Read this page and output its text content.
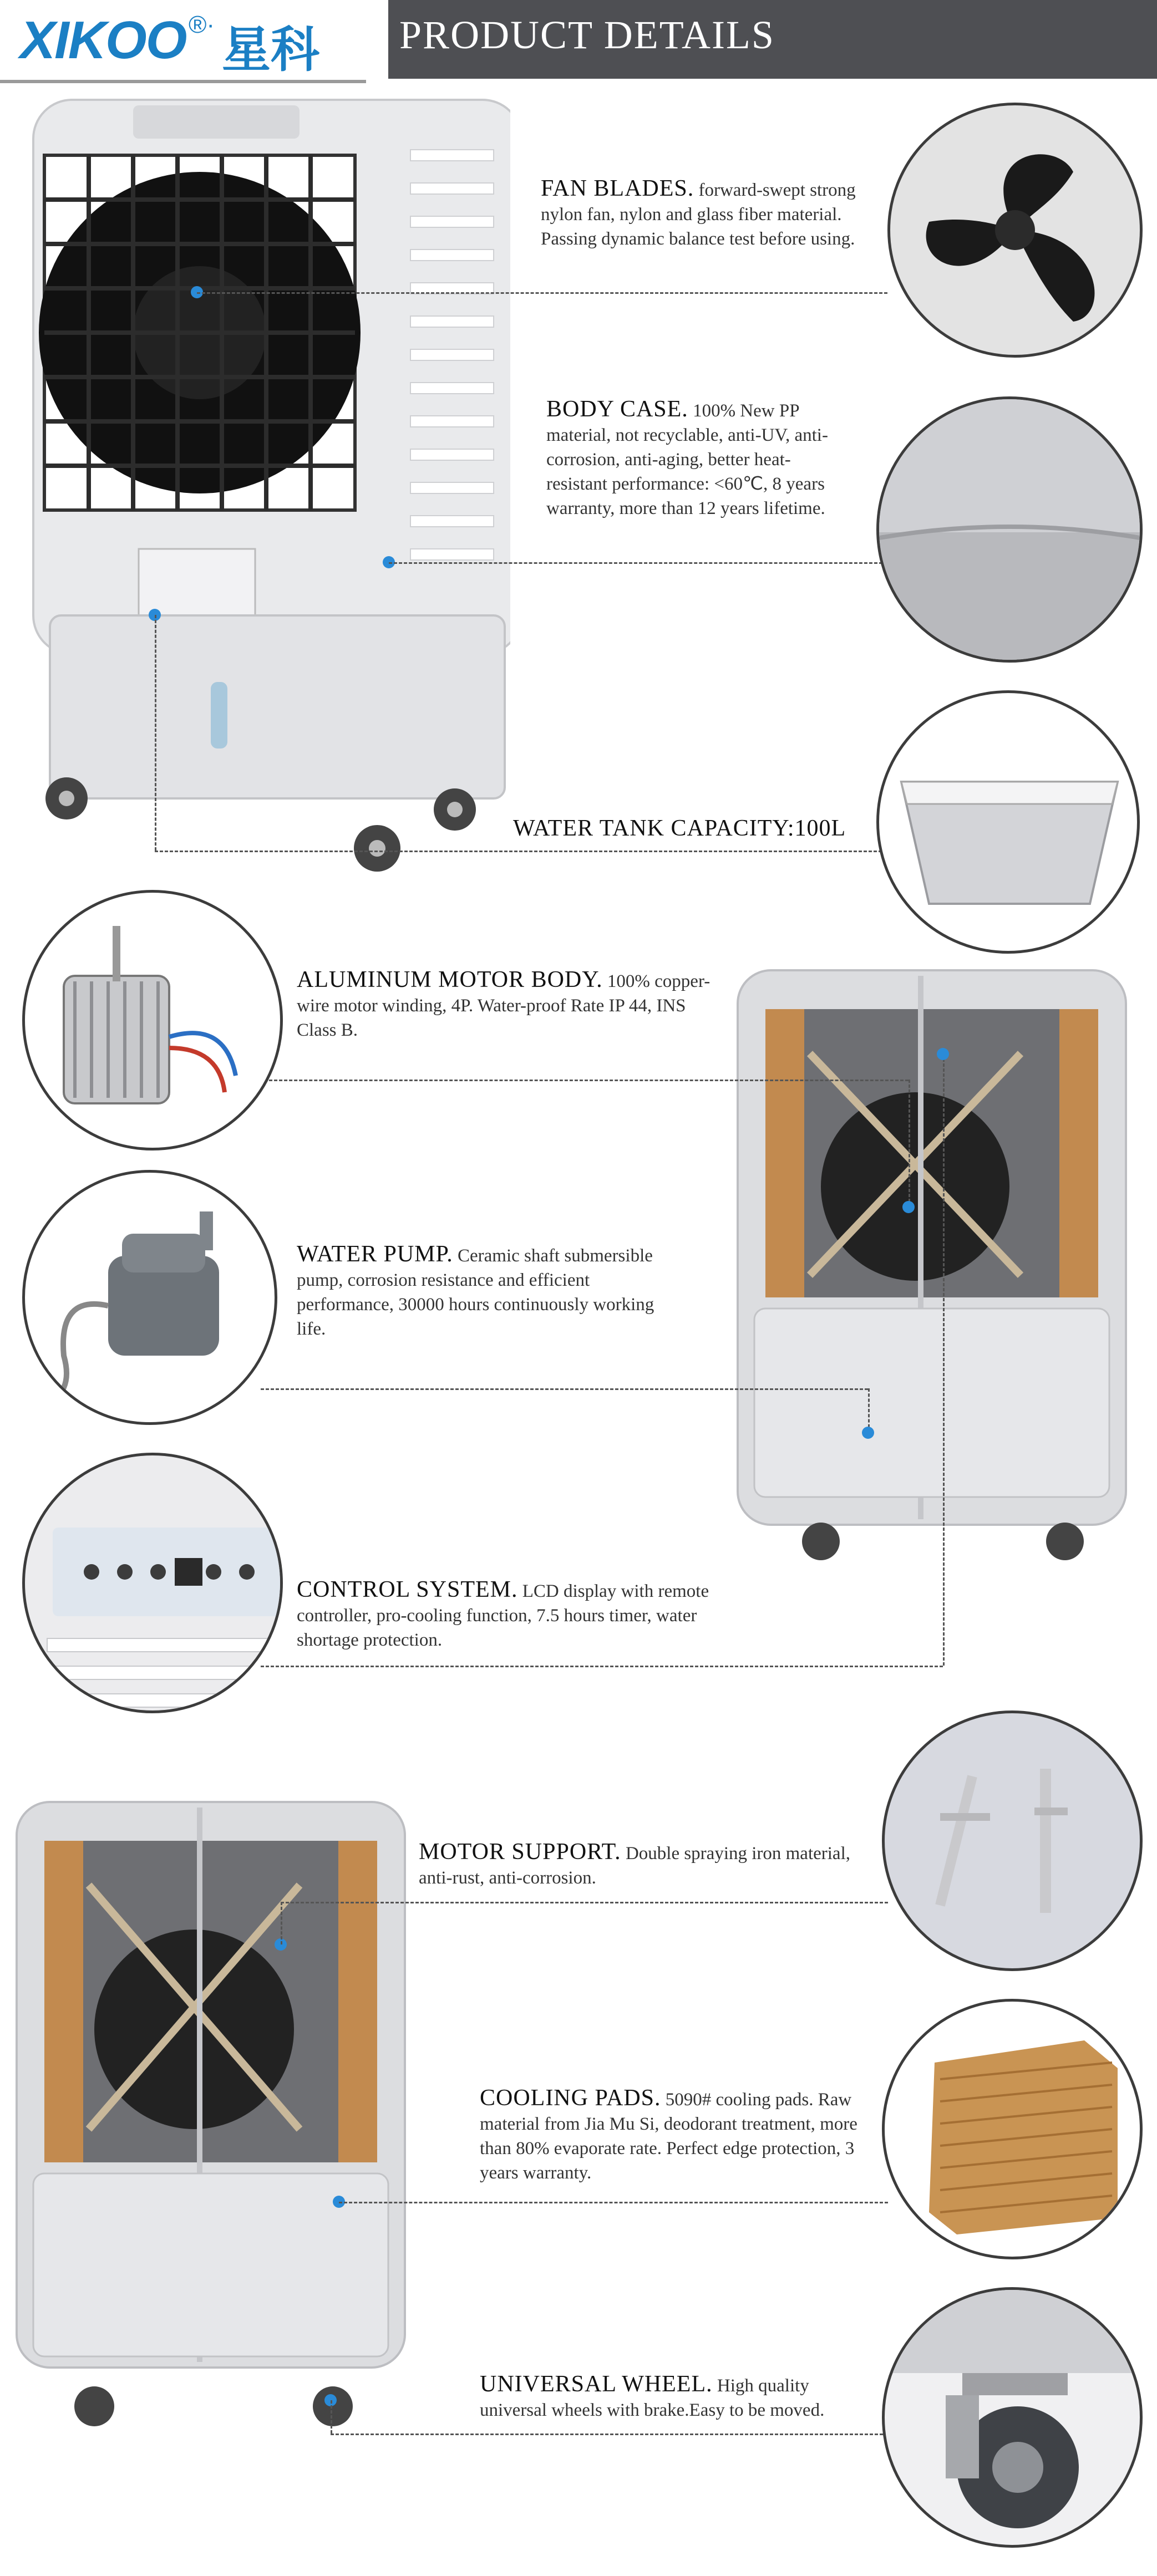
XIKOO ®· 星科 PRODUCT DETAILS
FAN BLADES. forward-swept strong nylon fan, nylon and glass fiber material. Passing dynamic balance test before using.
BODY CASE. 100% New PP material, not recyclable, anti-UV, anti-corrosion, anti-aging, better heat-resistant performance: <60℃, 8 years warranty, more than 12 years lifetime.
WATER TANK CAPACITY:100L
ALUMINUM MOTOR BODY. 100% copper-wire motor winding, 4P. Water-proof Rate IP 44, INS Class B.
WATER PUMP. Ceramic shaft submersible pump, corrosion resistance and efficient performance, 30000 hours continuously working life.
CONTROL SYSTEM. LCD display with remote controller, pro-cooling function, 7.5 hours timer, water shortage protection.
MOTOR SUPPORT. Double spraying iron material, anti-rust, anti-corrosion.
COOLING PADS. 5090# cooling pads. Raw material from Jia Mu Si, deodorant treatment, more than 80% evaporate rate. Perfect edge protection, 3 years warranty.
UNIVERSAL WHEEL. High quality universal wheels with brake.Easy to be moved.
